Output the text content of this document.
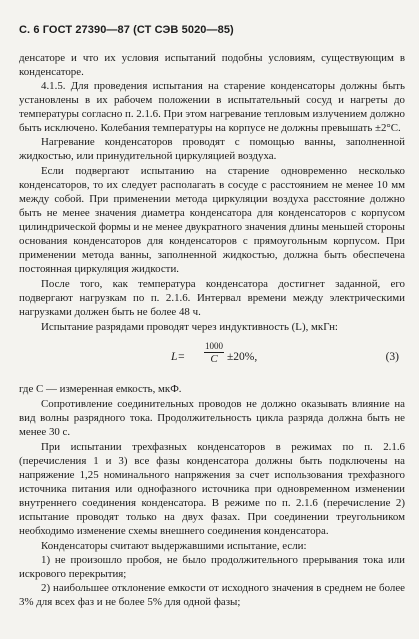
С. 6 ГОСТ 27390—87 (СТ СЭВ 5020—85)

денсаторе и что их условия испытаний подобны условиям, существующим в конденсаторе.

4.1.5. Для проведения испытания на старение конденсаторы должны быть установлены в их рабочем положении в испытательный сосуд и нагреты до температуры согласно п. 2.1.6. При этом нагревание тепловым излучением должно быть исключено. Колебания температуры на корпусе не должны превышать ±2°С.

Нагревание конденсаторов проводят с помощью ванны, заполненной жидкостью, или принудительной циркуляцией воздуха.

Если подвергают испытанию на старение одновременно несколько конденсаторов, то их следует располагать в сосуде с расстоянием не менее 10 мм между собой. При применении метода циркуляции воздуха расстояние должно быть не менее значения диаметра конденсатора для конденсаторов с корпусом цилиндрической формы и не менее двукратного значения длины меньшей стороны основания конденсаторов для конденсаторов с прямоугольным корпусом. При применении метода ванны, заполненной жидкостью, должна быть обеспечена постоянная циркуляция жидкости.

После того, как температура конденсатора достигнет заданной, его подвергают нагрузкам по п. 2.1.6. Интервал времени между электрическими нагрузками должен быть не более 48 ч.

Испытание разрядами проводят через индуктивность (L), мкГн:

L=
1000
C ±20%,	(3)

где С — измеренная емкость, мкФ.

Сопротивление соединительных проводов не должно оказывать влияние на вид волны разрядного тока. Продолжительность цикла разряда должна быть не менее 30 с.

При испытании трехфазных конденсаторов в режимах по п. 2.1.6 (перечисления 1 и 3) все фазы конденсатора должны быть подключены на напряжение 1,25 номинального напряжения за счет использования трехфазного источника питания или однофазного источника при одновременном изменении внутреннего соединения конденсатора. В режиме по п. 2.1.6 (перечисление 2) испытание проводят только на двух фазах. При соединении треугольником необходимо изменение схемы внешнего соединения конденсатора.

Конденсаторы считают выдержавшими испытание, если:

1) не произошло пробоя, не было продолжительного прерывания тока или искрового перекрытия;

2) наибольшее отклонение емкости от исходного значения в среднем не более 3% для всех фаз и не более 5% для одной фазы;
